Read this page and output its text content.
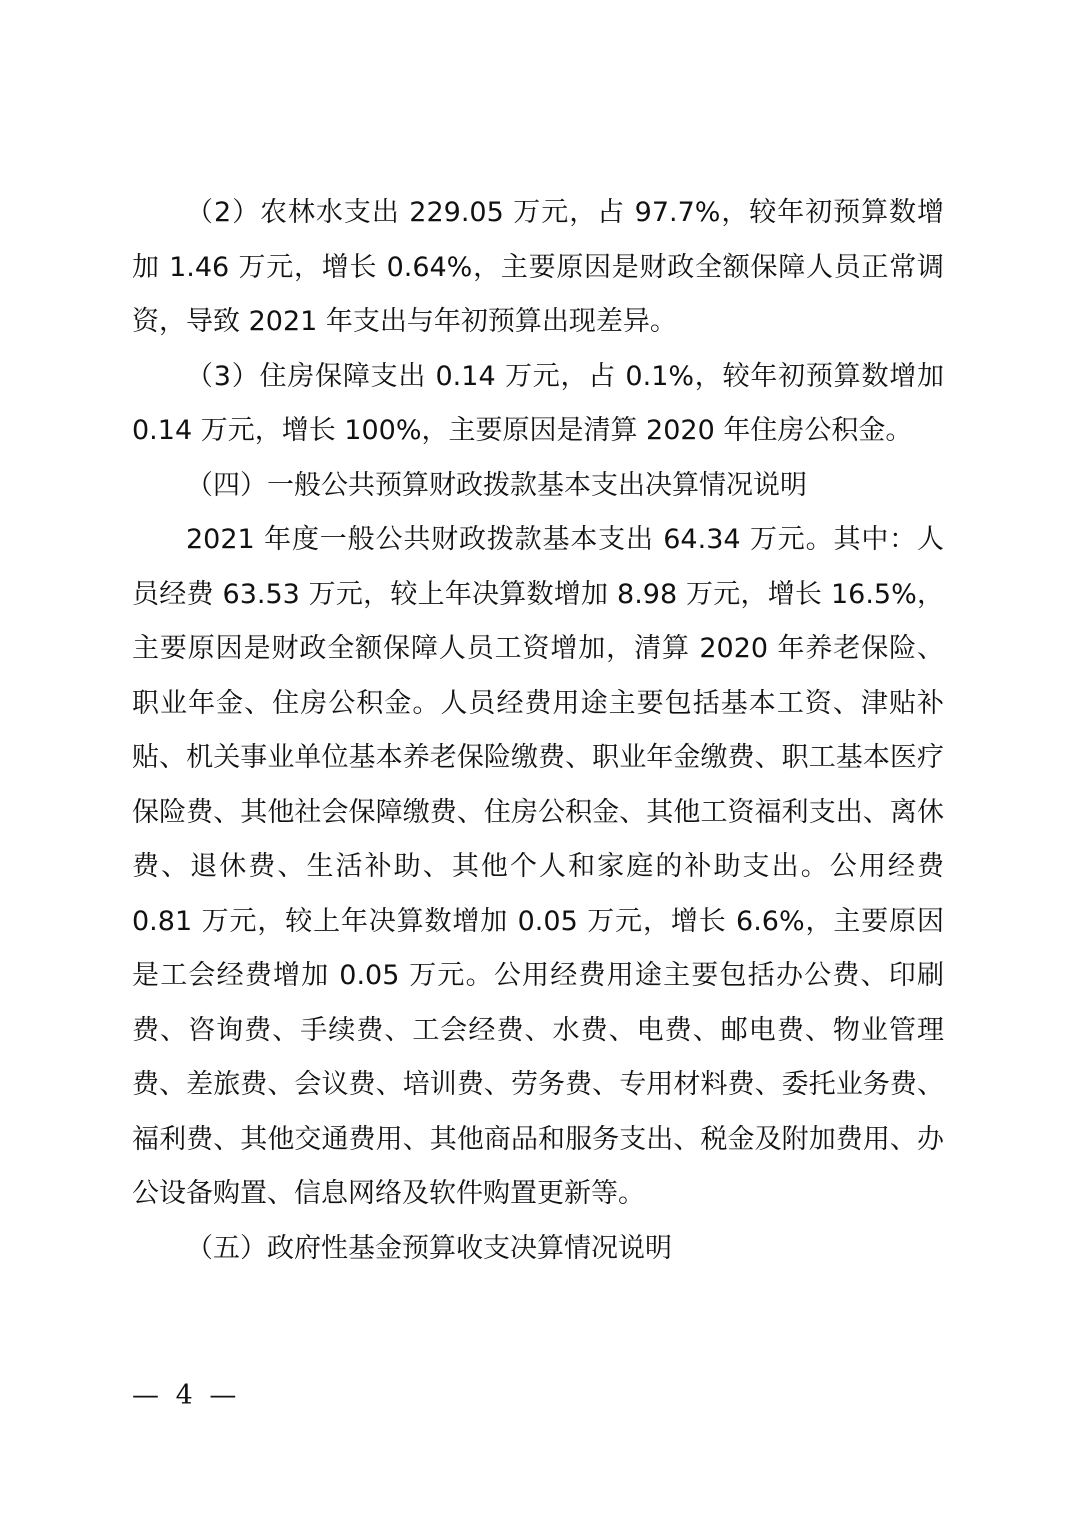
（2）农林水支出 229.05 万元，占 97.7%，较年初预算数增加 1.46 万元，增长 0.64%，主要原因是财政全额保障人员正常调资，导致 2021 年支出与年初预算出现差异。

（3）住房保障支出 0.14 万元，占 0.1%，较年初预算数增加 0.14 万元，增长 100%，主要原因是清算 2020 年住房公积金。

（四）一般公共预算财政拨款基本支出决算情况说明

2021 年度一般公共财政拨款基本支出 64.34 万元。其中：人员经费 63.53 万元，较上年决算数增加 8.98 万元，增长 16.5%，主要原因是财政全额保障人员工资增加，清算 2020 年养老保险、职业年金、住房公积金。人员经费用途主要包括基本工资、津贴补贴、机关事业单位基本养老保险缴费、职业年金缴费、职工基本医疗保险费、其他社会保障缴费、住房公积金、其他工资福利支出、离休费、退休费、生活补助、其他个人和家庭的补助支出。公用经费 0.81 万元，较上年决算数增加 0.05 万元，增长 6.6%，主要原因是工会经费增加 0.05 万元。公用经费用途主要包括办公费、印刷费、咨询费、手续费、工会经费、水费、电费、邮电费、物业管理费、差旅费、会议费、培训费、劳务费、专用材料费、委托业务费、福利费、其他交通费用、其他商品和服务支出、税金及附加费用、办公设备购置、信息网络及软件购置更新等。

（五）政府性基金预算收支决算情况说明
— 4 —
